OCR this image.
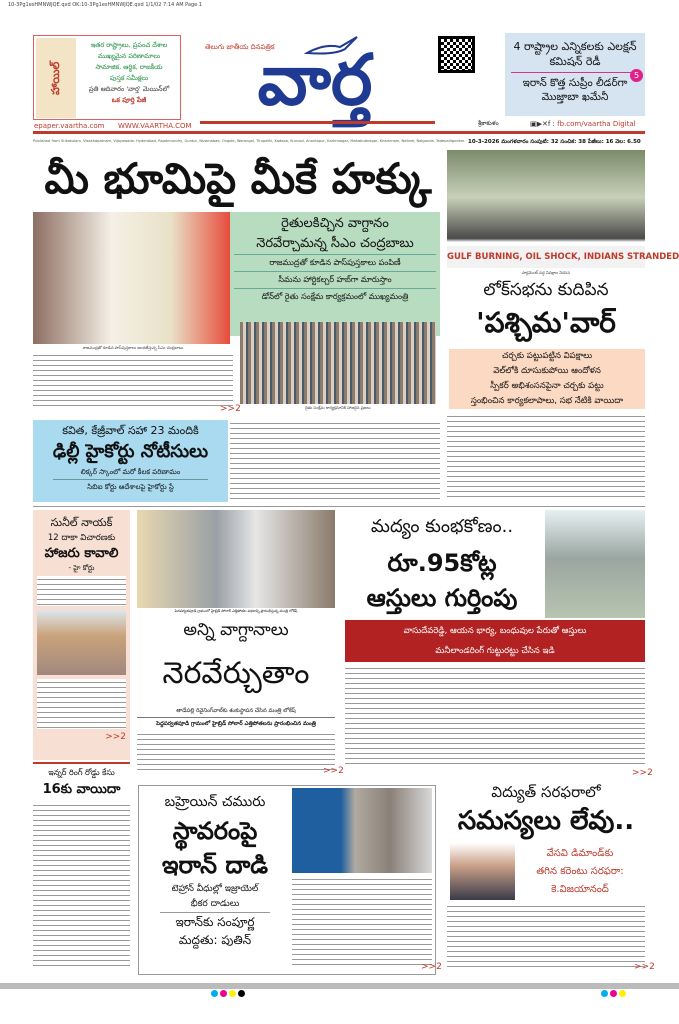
10-3Pg1esHMNWJQE.qxd OK:10-3Pg1esHMNWJQE.qxd 1/1/02 7:14 AM Page 1
హాయిల్
ఇతర రాష్ట్రాలు, ప్రపంచ దేశాల
ముఖ్యమైన పరిణామాలు
సామాజిక, ఆర్థిక, రాజకీయ
పుస్తక సమీక్షలు
ప్రతి ఆదివారం 'వార్త' మెయిన్‌లో
ఒక పూర్తి పేజీ
epaper.vaartha.com WWW.VAARTHA.COM
తెలుగు జాతీయ దినపత్రిక
వార్త
శ్రీకాకుళం
4 రాష్ట్రాల ఎన్నికలకు ఎలక్షన్ కమిషన్ రెడీ
5
ఇరాన్ కొత్త సుప్రీం లీడర్‌గా మొజ్తాబా ఖమేనీ
▣▶✕f : fb.com/vaartha Digital
Published from Srikakulam, Visakhapatnam, Vijayawada, Hyderabad, Rajahmundry, Guntur, Nizamabad, Ongole, Warangal, Tirupathi, Kadapa, Kurnool, Anantapur, Karimnagar, Mahabubnagar, Khammam, Nellore, Nalgonda, Tadepalligudem. 10-3-2026 మంగళవారం సంపుటి: 32 సంచిక: 38 పేజీలు: 16 వెల: 6.50
మీ భూమిపై మీకే హక్కు
రాజముద్రతో కూడిన పాస్‌పుస్తకాలు అందజేస్తున్న సీఎం చంద్రబాబు
రైతులకిచ్చిన వాగ్దానం
నెరవేర్చామన్న సీఎం చంద్రబాబు
రాజముద్రతో కూడిన పాస్‌పుస్తకాలు పంపిణీ
సీమను హార్టికల్చర్ హబ్‌గా మారుస్తాం
డోన్‌లో రైతు సంక్షేమ కార్యక్రమంలో ముఖ్యమంత్రి
రైతు సంక్షేమ కార్యక్రమానికి హాజరైన ప్రజలు
>>2
GULF BURNING, OIL SHOCK, INDIANS STRANDED
పార్లమెంట్ వద్ద విపక్షాల నిరసన
లోక్‌సభను కుదిపిన
'పశ్చిమ'వార్
చర్చకు పట్టుపట్టిన విపక్షాలు
వెల్‌లోకి దూసుకుపోయి ఆందోళన
స్పీకర్ అభిశంసనపైనా చర్చకు పట్టు
స్తంభించిన కార్యకలాపాలు, సభ నేటికి వాయిదా
కవిత, కేజ్రీవాల్ సహా 23 మందికి
ఢిల్లీ హైకోర్టు నోటీసులు
లిక్కర్ స్కాంలో మరో కీలక పరిణామం
సిబిఐ కోర్టు ఆదేశాలపై హైకోర్టు స్టే
సునీల్ నాయక్
12 దాకా విచారణకు
హాజరు కావాలి
- హై కోర్టు
>>2
ఇన్నర్ రింగ్ రోడ్డు కేసు
16కు వాయిదా
పెదపర్వతపూడి గ్రామంలో హైబ్రిడ్ సోలార్ ఎత్తిపోతల పథకాన్ని ప్రారంభిస్తున్న మంత్రి లోకేష్
అన్ని వాగ్దానాలు
నెరవేర్చుతాం
తాడేపల్లి రివైనింగ్‌వాల్‌కు శంకుస్థాపన చేసిన మంత్రి లోకేష్
పెద్దపర్వతపూడి గ్రామంలో హైబ్రిడ్ సోలార్ ఎత్తిపోతలను ప్రారంభించిన మంత్రి
>>2
మద్యం కుంభకోణం..
రూ.95కోట్ల
ఆస్తులు గుర్తింపు
వాసుదేవరెడ్డి, ఆయన భార్య, బంధువుల పేరుతో ఆస్తులు
మనీలాండరింగ్ గుట్టురట్టు చేసిన ఇడి
>>2
బహ్రెయిన్ చమురు
స్థావరంపై
ఇరాన్ దాడి
టెహ్రాన్ వీధుల్లో ఇజ్రాయెల్
భీకర దాడులు
ఇరాన్‌కు సంపూర్ణ
మద్దతు: పుతిన్
>>2
విద్యుత్ సరఫరాలో
సమస్యలు లేవు..
వేసవి డిమాండ్‌కు
తగిన కరెంటు సరఫరా:
కె.విజయానంద్
>>2
